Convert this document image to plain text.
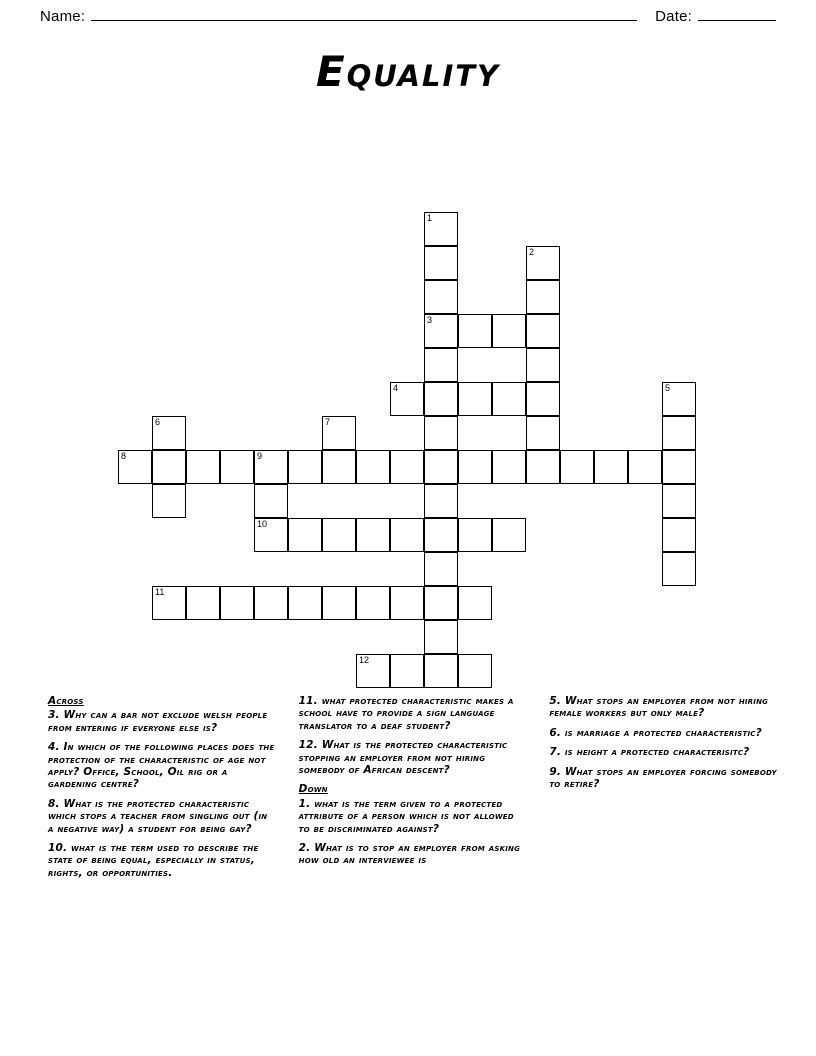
Name:	Date:
Equality
1
2
3
4	5
6	7
8	9
10
11
12
Across
3. Why can a bar not exclude welsh people from entering if everyone else is?
4. In which of the following places does the protection of the characteristic of age not apply? Office, School, Oil rig or a gardening centre?
8. What is the protected characteristic which stops a teacher from singling out (in a negative way) a student for being gay?
10. what is the term used to describe the state of being equal, especially in status, rights, or opportunities.
11. what protected characteristic makes a school have to provide a sign language translator to a deaf student?
12. What is the protected characteristic stopping an employer from not hiring somebody of African descent?
Down
1. what is the term given to a protected attribute of a person which is not allowed to be discriminated against?
2. What is to stop an employer from asking how old an interviewee is
5. What stops an employer from not hiring female workers but only male?
6. is marriage a protected characteristic?
7. is height a protected characterisitc?
9. What stops an employer forcing somebody to retire?
